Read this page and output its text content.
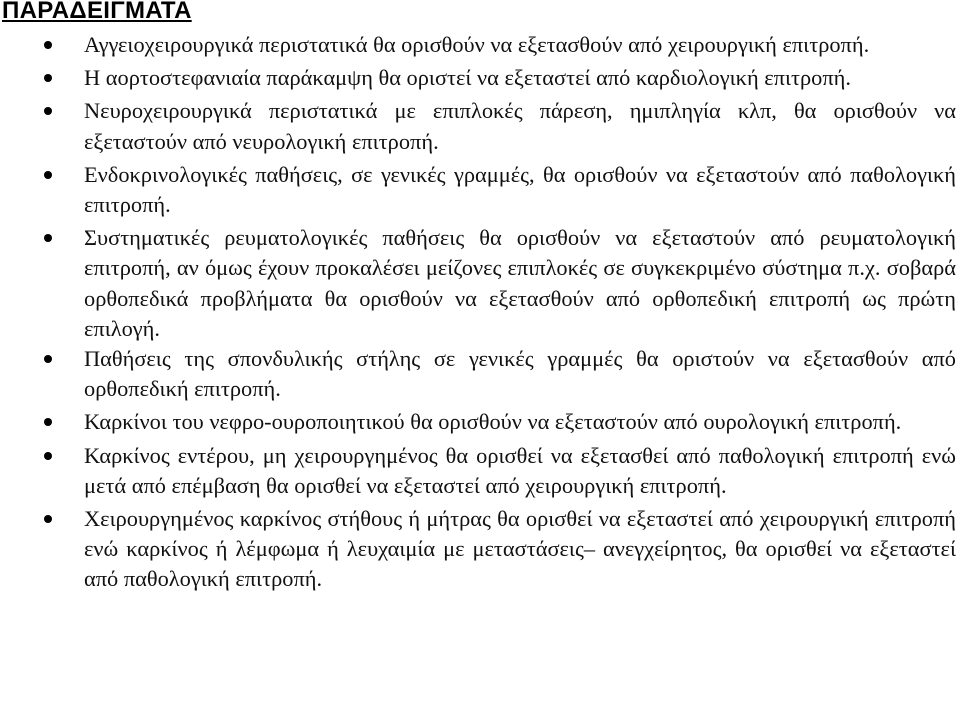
ΠΑΡΑΔΕΙΓΜΑΤΑ
Αγγειοχειρουργικά περιστατικά θα ορισθούν να εξετασθούν από χειρουργική επιτροπή.
Η αορτοστεφανιαία παράκαμψη θα οριστεί να εξεταστεί από καρδιολογική επιτροπή.
Νευροχειρουργικά περιστατικά με επιπλοκές πάρεση, ημιπληγία κλπ, θα ορισθούν να εξεταστούν από νευρολογική επιτροπή.
Ενδοκρινολογικές παθήσεις, σε γενικές γραμμές, θα ορισθούν να εξεταστούν από παθολογική επιτροπή.
Συστηματικές ρευματολογικές παθήσεις θα ορισθούν να εξεταστούν από ρευματολογική επιτροπή, αν όμως έχουν προκαλέσει μείζονες επιπλοκές σε συγκεκριμένο σύστημα π.χ. σοβαρά ορθοπεδικά προβλήματα θα ορισθούν να εξετασθούν από ορθοπεδική επιτροπή ως πρώτη επιλογή.
Παθήσεις της σπονδυλικής στήλης σε γενικές γραμμές θα οριστούν να εξετασθούν από ορθοπεδική επιτροπή.
Καρκίνοι του νεφρο-ουροποιητικού θα ορισθούν να εξεταστούν από ουρολογική επιτροπή.
Καρκίνος εντέρου, μη χειρουργημένος θα ορισθεί να εξετασθεί από παθολογική επιτροπή ενώ μετά από επέμβαση θα ορισθεί να εξεταστεί από χειρουργική επιτροπή.
Χειρουργημένος καρκίνος στήθους ή μήτρας θα ορισθεί να εξεταστεί από χειρουργική επιτροπή ενώ καρκίνος ή λέμφωμα ή λευχαιμία με μεταστάσεις– ανεγχείρητος, θα ορισθεί να εξεταστεί από παθολογική επιτροπή.
